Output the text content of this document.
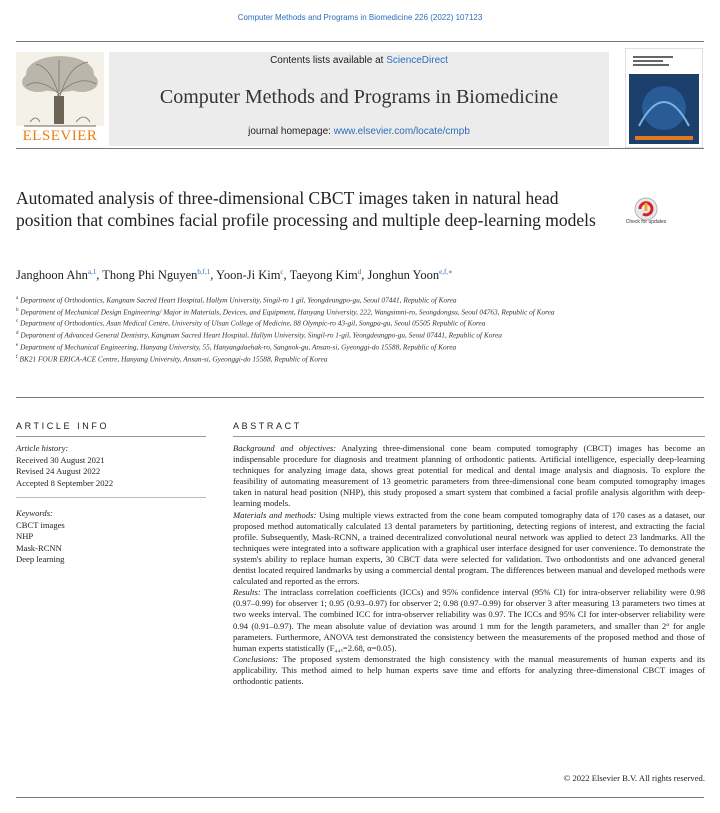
Computer Methods and Programs in Biomedicine 226 (2022) 107123
ELSEVIER
Contents lists available at ScienceDirect
Computer Methods and Programs in Biomedicine
journal homepage: www.elsevier.com/locate/cmpb
Automated analysis of three-dimensional CBCT images taken in natural head position that combines facial profile processing and multiple deep-learning models	Check for updates
Janghoon Ahn$^{a,1}$, Thong Phi Nguyen$^{b,f,1}$, Yoon-Ji Kim$^c$, Taeyong Kim$^d$, Jonghun Yoon$^{e,f,∗}$

$^a$ Department of Orthodontics, Kangnam Sacred Heart Hospital, Hallym University, Singil-ro 1 gil, Yeongdeungpo-gu, Seoul 07441, Republic of Korea

$^b$ Department of Mechanical Design Engineering/ Major in Materials, Devices, and Equipment, Hanyang University, 222, Wangsimni-ro, Seongdongsu, Seoul 04763, Republic of Korea

$^c$ Department of Orthodontics, Asan Medical Centre, University of Ulsan College of Medicine, 88 Olympic-ro 43-gil, Songpa-gu, Seoul 05505 Republic of Korea

$^d$ Department of Advanced General Dentistry, Kangnam Sacred Heart Hospital, Hallym University, Singil-ro 1-gil, Yeongdeungpo-gu, Seoul 07441, Republic of Korea

$^e$ Department of Mechanical Engineering, Hanyang University, 55, Hanyangdaehak-ro, Sangnok-gu, Ansan-si, Gyeonggi-do 15588, Republic of Korea

$^f$ BK21 FOUR ERICA-ACE Centre, Hanyang University, Ansan-si, Gyeonggi-do 15588, Republic of Korea

ARTICLE INFO
Article history:
Received 30 August 2021
Revised 24 August 2022
Accepted 8 September 2022
Keywords:
CBCT images
NHP
Mask-RCNN
Deep learning
ABSTRACT

Background and objectives: Analyzing three-dimensional cone beam computed tomography (CBCT) images has become an indispensable procedure for diagnosis and treatment planning of orthodontic patients. Artificial intelligence, especially deep-learning techniques for analyzing image data, shows great potential for medical and dental image analysis and diagnosis. To explore the feasibility of automating measurement of 13 geometric parameters from three-dimensional cone beam computed tomography images taken in natural head position (NHP), this study proposed a smart system that combined a facial profile analysis algorithm with deep-learning models.

Materials and methods: Using multiple views extracted from the cone beam computed tomography data of 170 cases as a dataset, our proposed method automatically calculated 13 dental parameters by partitioning, detecting regions of interest, and extracting the facial profile. Subsequently, Mask-RCNN, a trained decentralized convolutional neural network was applied to detect 23 landmarks. All the techniques were integrated into a software application with a graphical user interface designed for user convenience. To demonstrate the system's ability to replace human experts, 30 CBCT data were selected for validation. Two orthodontists and one advanced general dentist located required landmarks by using a commercial dental program. The differences between manual and developed methods were calculated and reported as the errors.

Results: The intraclass correlation coefficients (ICCs) and 95% confidence interval (95% CI) for intra-observer reliability were 0.98 (0.97–0.99) for observer 1; 0.95 (0.93–0.97) for observer 2; 0.98 (0.97–0.99) for observer 3 after measuring 13 parameters two times at two weeks interval. The combined ICC for intra-observer reliability was 0.97. The ICCs and 95% CI for inter-observer reliability were 0.94 (0.91–0.97). The mean absolute value of deviation was around 1 mm for the length parameters, and smaller than 2° for angle parameters. Furthermore, ANOVA test demonstrated the consistency between the measurements of the proposed method and those of human experts statistically (F₄₄ₓ=2.68, α=0.05).

Conclusions: The proposed system demonstrated the high consistency with the manual measurements of human experts and its applicability. This method aimed to help human experts save time and efforts for analyzing three-dimensional CBCT images of orthodontic patients.

© 2022 Elsevier B.V. All rights reserved.
